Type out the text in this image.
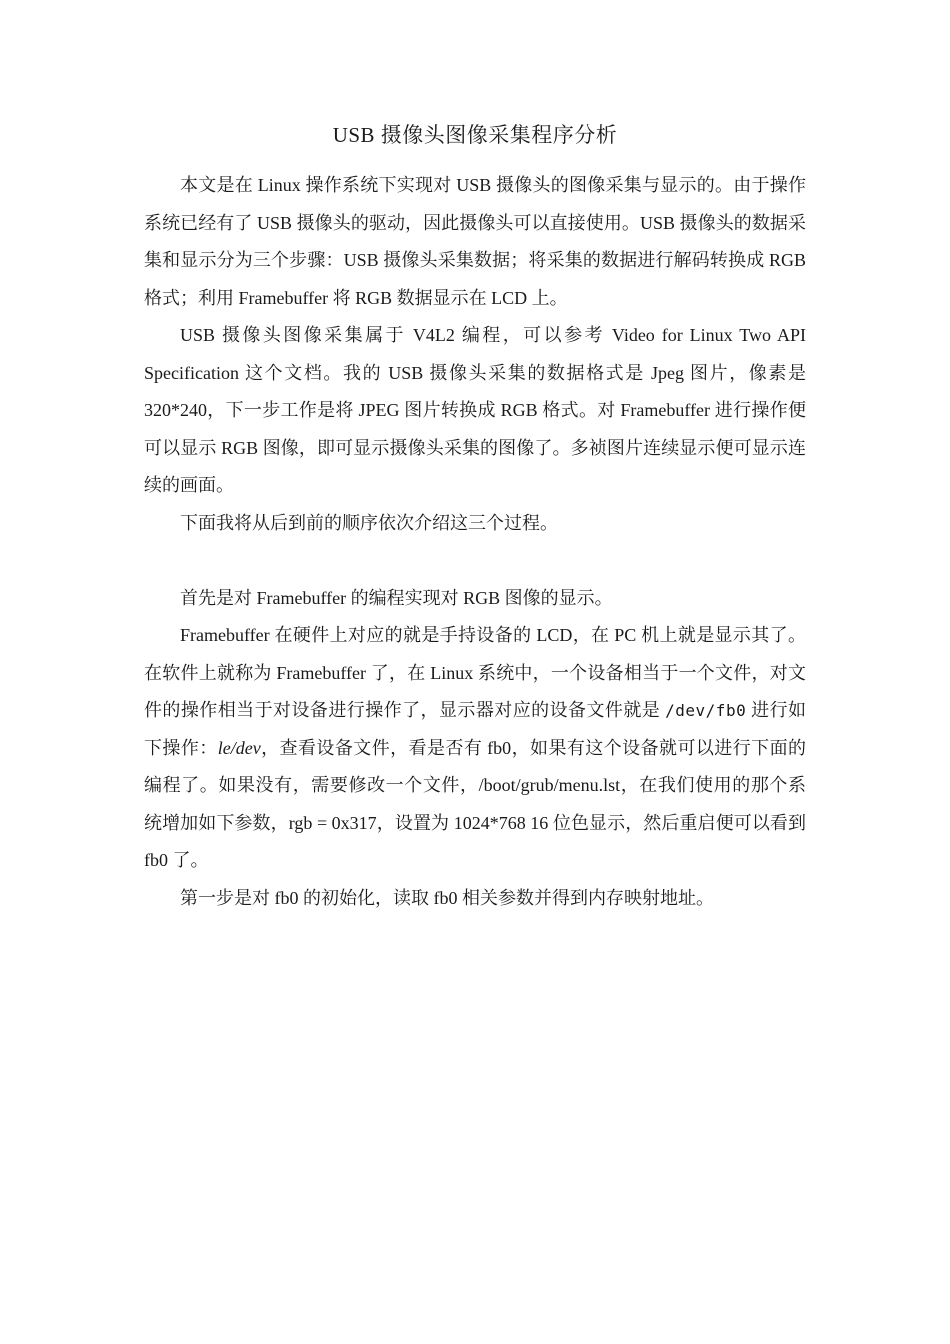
USB 摄像头图像采集程序分析

本文是在 Linux 操作系统下实现对 USB 摄像头的图像采集与显示的。由于操作系统已经有了 USB 摄像头的驱动，因此摄像头可以直接使用。USB 摄像头的数据采集和显示分为三个步骤：USB 摄像头采集数据；将采集的数据进行解码转换成 RGB 格式；利用 Framebuffer 将 RGB 数据显示在 LCD 上。

USB 摄像头图像采集属于 V4L2 编程，可以参考 Video for Linux Two API Specification 这个文档。我的 USB 摄像头采集的数据格式是 Jpeg 图片，像素是 320*240，下一步工作是将 JPEG 图片转换成 RGB 格式。对 Framebuffer 进行操作便可以显示 RGB 图像，即可显示摄像头采集的图像了。多祯图片连续显示便可显示连续的画面。

下面我将从后到前的顺序依次介绍这三个过程。

首先是对 Framebuffer 的编程实现对 RGB 图像的显示。

Framebuffer 在硬件上对应的就是手持设备的 LCD，在 PC 机上就是显示其了。在软件上就称为 Framebuffer 了，在 Linux 系统中，一个设备相当于一个文件，对文件的操作相当于对设备进行操作了，显示器对应的设备文件就是 /dev/fb0 进行如下操作：le/dev，查看设备文件，看是否有 fb0，如果有这个设备就可以进行下面的编程了。如果没有，需要修改一个文件，/boot/grub/menu.lst，在我们使用的那个系统增加如下参数，rgb = 0x317，设置为 1024*768 16 位色显示，然后重启便可以看到 fb0 了。

第一步是对 fb0 的初始化，读取 fb0 相关参数并得到内存映射地址。
